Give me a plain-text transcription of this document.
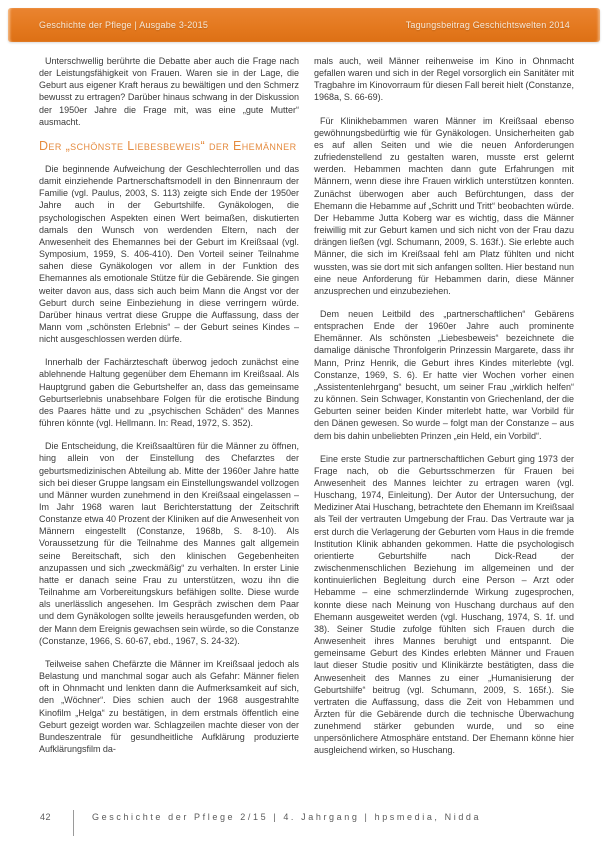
Geschichte der Pflege | Ausgabe 3-2015	Tagungsbeitrag Geschichtswelten 2014

Unterschwellig berührte die Debatte aber auch die Frage nach der Leistungsfähigkeit von Frauen. Waren sie in der Lage, die Geburt aus eigener Kraft heraus zu bewältigen und den Schmerz bewusst zu ertragen? Darüber hinaus schwang in der Diskussion der 1950er Jahre die Frage mit, was eine „gute Mutter“ ausmacht.

Der „schönste Liebesbeweis“ der Ehemänner

Die beginnende Aufweichung der Geschlechterrollen und das damit einziehende Partnerschaftsmodell in den Binnenraum der Familie (vgl. Paulus, 2003, S. 113) zeigte sich Ende der 1950er Jahre auch in der Geburtshilfe. Gynäkologen, die psychologischen Aspekten einen Wert beimaßen, diskutierten damals den Wunsch von werdenden Eltern, nach der Anwesenheit des Ehemannes bei der Geburt im Kreißsaal (vgl. Symposium, 1959, S. 406-410). Den Vorteil seiner Teilnahme sahen diese Gynäkologen vor allem in der Funktion des Ehemannes als emotionale Stütze für die Gebärende. Sie gingen weiter davon aus, dass sich auch beim Mann die Angst vor der Geburt durch seine Einbeziehung in diese verringern würde. Darüber hinaus vertrat diese Gruppe die Auffassung, dass der Mann vom „schönsten Erlebnis“ – der Geburt seines Kindes – nicht ausgeschlossen werden dürfe.

Innerhalb der Fachärzteschaft überwog jedoch zunächst eine ablehnende Haltung gegenüber dem Ehemann im Kreißsaal. Als Hauptgrund gaben die Geburtshelfer an, dass das gemeinsame Geburtserlebnis unabsehbare Folgen für die erotische Bindung des Paares hätte und zu „psychischen Schäden“ des Mannes führen könnte (vgl. Hellmann. In: Read, 1972, S. 352).

Die Entscheidung, die Kreißsaaltüren für die Männer zu öffnen, hing allein von der Einstellung des Chefarztes der geburtsmedizinischen Abteilung ab. Mitte der 1960er Jahre hatte sich bei dieser Gruppe langsam ein Einstellungswandel vollzogen und Männer wurden zunehmend in den Kreißsaal eingelassen – Im Jahr 1968 waren laut Berichterstattung der Zeitschrift Constanze etwa 40 Prozent der Kliniken auf die Anwesenheit von Männern eingestellt (Constanze, 1968b, S. 8-10). Als Voraussetzung für die Teilnahme des Mannes galt allgemein seine Bereitschaft, sich den klinischen Gegebenheiten anzupassen und sich „zweckmäßig“ zu verhalten. In erster Linie hatte er danach seine Frau zu unterstützen, wozu ihn die Teilnahme am Vorbereitungskurs befähigen sollte. Diese wurde als unerlässlich angesehen. Im Gespräch zwischen dem Paar und dem Gynäkologen sollte jeweils herausgefunden werden, ob der Mann dem Ereignis gewachsen sein würde, so die Constanze (Constanze, 1966, S. 60-67, ebd., 1967, S. 24-32).

Teilweise sahen Chefärzte die Männer im Kreißsaal jedoch als Belastung und manchmal sogar auch als Gefahr: Männer fielen oft in Ohnmacht und lenkten dann die Aufmerksamkeit auf sich, den „Wöchner“. Dies schien auch der 1968 ausgestrahlte Kinofilm „Helga“ zu bestätigen, in dem erstmals öffentlich eine Geburt gezeigt worden war. Schlagzeilen machte dieser von der Bundeszentrale für gesundheitliche Aufklärung produzierte Aufklärungsfilm da-

mals auch, weil Männer reihenweise im Kino in Ohnmacht gefallen waren und sich in der Regel vorsorglich ein Sanitäter mit Tragbahre im Kinovorraum für diesen Fall bereit hielt (Constanze, 1968a, S. 66-69).

Für Klinikhebammen waren Männer im Kreißsaal ebenso gewöhnungsbedürftig wie für Gynäkologen. Unsicherheiten gab es auf allen Seiten und wie die neuen Anforderungen zufriedenstellend zu gestalten waren, musste erst gelernt werden. Hebammen machten dann gute Erfahrungen mit Männern, wenn diese ihre Frauen wirklich unterstützen konnten. Zunächst überwogen aber auch Befürchtungen, dass der Ehemann die Hebamme auf „Schritt und Tritt“ beobachten würde. Der Hebamme Jutta Koberg war es wichtig, dass die Männer freiwillig mit zur Geburt kamen und sich nicht von der Frau dazu drängen ließen (vgl. Schumann, 2009, S. 163f.). Sie erlebte auch Männer, die sich im Kreißsaal fehl am Platz fühlten und nicht wussten, was sie dort mit sich anfangen sollten. Hier bestand nun eine neue Anforderung für Hebammen darin, diese Männer anzusprechen und einzubeziehen.

Dem neuen Leitbild des „partnerschaftlichen“ Gebärens entsprachen Ende der 1960er Jahre auch prominente Ehemänner. Als schönsten „Liebesbeweis“ bezeichnete die damalige dänische Thronfolgerin Prinzessin Margarete, dass ihr Mann, Prinz Henrik, die Geburt ihres Kindes miterlebte (vgl. Constanze, 1969, S. 6). Er hatte vier Wochen vorher einen „Assistentenlehrgang“ besucht, um seiner Frau „wirklich helfen“ zu können. Sein Schwager, Konstantin von Griechenland, der die Geburten seiner beiden Kinder miterlebt hatte, war Vorbild für den Dänen gewesen. So wurde – folgt man der Constanze – aus dem bis dahin unbeliebten Prinzen „ein Held, ein Vorbild“.

Eine erste Studie zur partnerschaftlichen Geburt ging 1973 der Frage nach, ob die Geburtsschmerzen für Frauen bei Anwesenheit des Mannes leichter zu ertragen waren (vgl. Huschang, 1974, Einleitung). Der Autor der Untersuchung, der Mediziner Atai Huschang, betrachtete den Ehemann im Kreißsaal als Teil der vertrauten Umgebung der Frau. Das Vertraute war ja erst durch die Verlagerung der Geburten vom Haus in die fremde Institution Klinik abhanden gekommen. Hatte die psychologisch orientierte Geburtshilfe nach Dick-Read der zwischenmenschlichen Beziehung im allgemeinen und der kontinuierlichen Begleitung durch eine Person – Arzt oder Hebamme – eine schmerzlindernde Wirkung zugesprochen, konnte diese nach Meinung von Huschang durchaus auf den Ehemann ausgeweitet werden (vgl. Huschang, 1974, S. 1f. und 38). Seiner Studie zufolge fühlten sich Frauen durch die Anwesenheit ihres Mannes beruhigt und entspannt. Die gemeinsame Geburt des Kindes erlebten Männer und Frauen laut dieser Studie positiv und Klinikärzte bestätigten, dass die Anwesenheit des Mannes zu einer „Humanisierung der Geburtshilfe“ beitrug (vgl. Schumann, 2009, S. 165f.). Sie vertraten die Auffassung, dass die Zeit von Hebammen und Ärzten für die Gebärende durch die technische Überwachung zunehmend stärker gebunden wurde, und so eine unpersönlichere Atmosphäre entstand. Der Ehemann könne hier ausgleichend wirken, so Huschang.

42	Geschichte der Pflege 2/15 | 4. Jahrgang | hpsmedia, Nidda
